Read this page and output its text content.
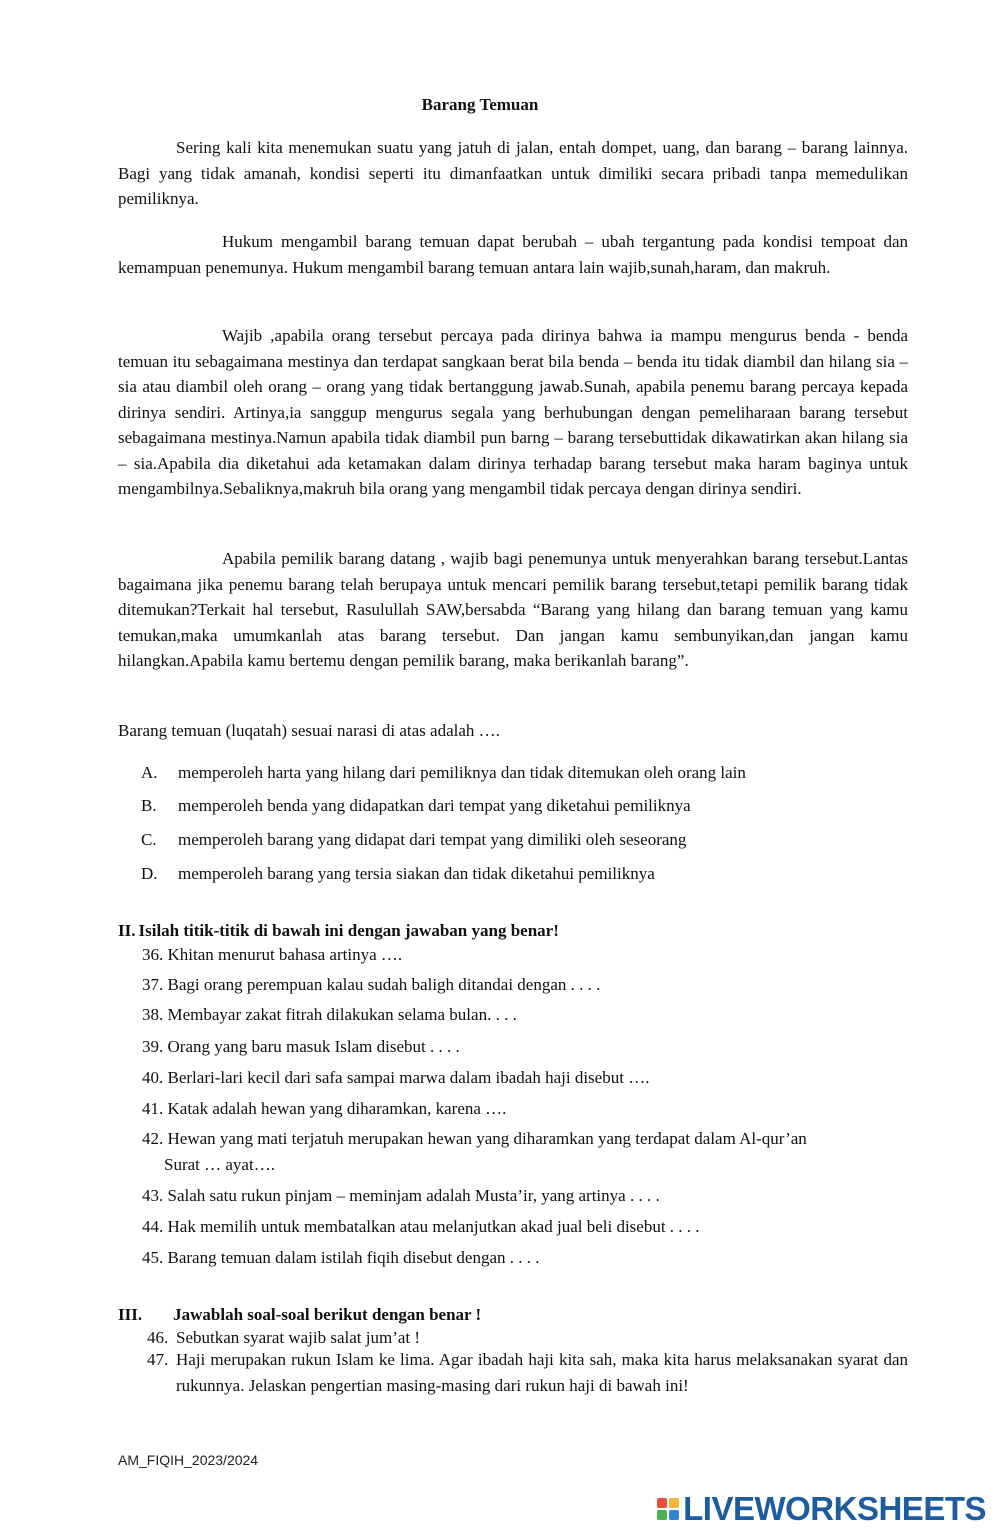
Barang Temuan

Sering kali kita menemukan suatu yang jatuh di jalan, entah dompet, uang, dan barang – barang lainnya. Bagi yang tidak amanah, kondisi seperti itu dimanfaatkan untuk dimiliki secara pribadi tanpa memedulikan pemiliknya.

Hukum mengambil barang temuan dapat berubah – ubah tergantung pada kondisi tempoat dan kemampuan penemunya. Hukum mengambil barang temuan antara lain wajib,sunah,haram, dan makruh.

Wajib ,apabila orang tersebut percaya pada dirinya bahwa ia mampu mengurus benda - benda temuan itu sebagaimana mestinya dan terdapat sangkaan berat bila benda – benda itu tidak diambil dan hilang sia – sia atau diambil oleh orang – orang yang tidak bertanggung jawab.Sunah, apabila penemu barang percaya kepada dirinya sendiri. Artinya,ia sanggup mengurus segala yang berhubungan dengan pemeliharaan barang tersebut sebagaimana mestinya.Namun apabila tidak diambil pun barng – barang tersebuttidak dikawatirkan akan hilang sia – sia.Apabila dia diketahui ada ketamakan dalam dirinya terhadap barang tersebut maka haram baginya untuk mengambilnya.Sebaliknya,makruh bila orang yang mengambil tidak percaya dengan dirinya sendiri.

Apabila pemilik barang datang , wajib bagi penemunya untuk menyerahkan barang tersebut.Lantas bagaimana jika penemu barang telah berupaya untuk mencari pemilik barang tersebut,tetapi pemilik barang tidak ditemukan?Terkait hal tersebut, Rasulullah SAW,bersabda “Barang yang hilang dan barang temuan yang kamu temukan,maka umumkanlah atas barang tersebut. Dan jangan kamu sembunyikan,dan jangan kamu hilangkan.Apabila kamu bertemu dengan pemilik barang, maka berikanlah barang”.

Barang temuan (luqatah) sesuai narasi di atas adalah ….
A. memperoleh harta yang hilang dari pemiliknya dan tidak ditemukan oleh orang lain
B. memperoleh benda yang didapatkan dari tempat yang diketahui pemiliknya
C. memperoleh barang yang didapat dari tempat yang dimiliki oleh seseorang
D. memperoleh barang yang tersia siakan dan tidak diketahui pemiliknya
II. Isilah titik-titik di bawah ini dengan jawaban yang benar!
36. Khitan menurut bahasa artinya ….
37. Bagi orang perempuan kalau sudah baligh ditandai dengan . . . .
38. Membayar zakat fitrah dilakukan selama bulan. . . .
39. Orang yang baru masuk Islam disebut . . . .
40. Berlari-lari kecil dari safa sampai marwa dalam ibadah haji disebut ….
41. Katak adalah hewan yang diharamkan, karena ….
42. Hewan yang mati terjatuh merupakan hewan yang diharamkan yang terdapat dalam Al-qur’an
Surat … ayat….
43. Salah satu rukun pinjam – meminjam adalah Musta’ir, yang artinya . . . .
44. Hak memilih untuk membatalkan atau melanjutkan akad jual beli disebut . . . .
45. Barang temuan dalam istilah fiqih disebut dengan . . . .
III. Jawablah soal-soal berikut dengan benar !
46. Sebutkan syarat wajib salat jum’at !
47. Haji merupakan rukun Islam ke lima. Agar ibadah haji kita sah, maka kita harus melaksanakan syarat dan rukunnya. Jelaskan pengertian masing-masing dari rukun haji di bawah ini!
AM_FIQIH_2023/2024
LIVEWORKSHEETS
